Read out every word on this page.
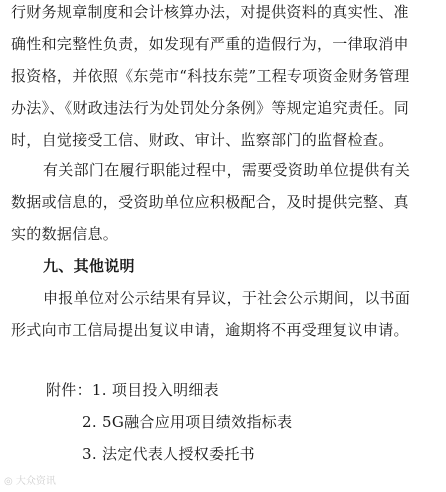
行财务规章制度和会计核算办法，对提供资料的真实性、准
确性和完整性负责，如发现有严重的造假行为，一律取消申
报资格，并依照《东莞市“科技东莞”工程专项资金财务管理
办法》、《财政违法行为处罚处分条例》等规定追究责任。同
时，自觉接受工信、财政、审计、监察部门的监督检查。
有关部门在履行职能过程中，需要受资助单位提供有关
数据或信息的，受资助单位应积极配合，及时提供完整、真
实的数据信息。
九、其他说明
申报单位对公示结果有异议，于社会公示期间，以书面
形式向市工信局提出复议申请，逾期将不再受理复议申请。
附件：1. 项目投入明细表
2. 5G融合应用项目绩效指标表
3. 法定代表人授权委托书
◎ 大众资讯
